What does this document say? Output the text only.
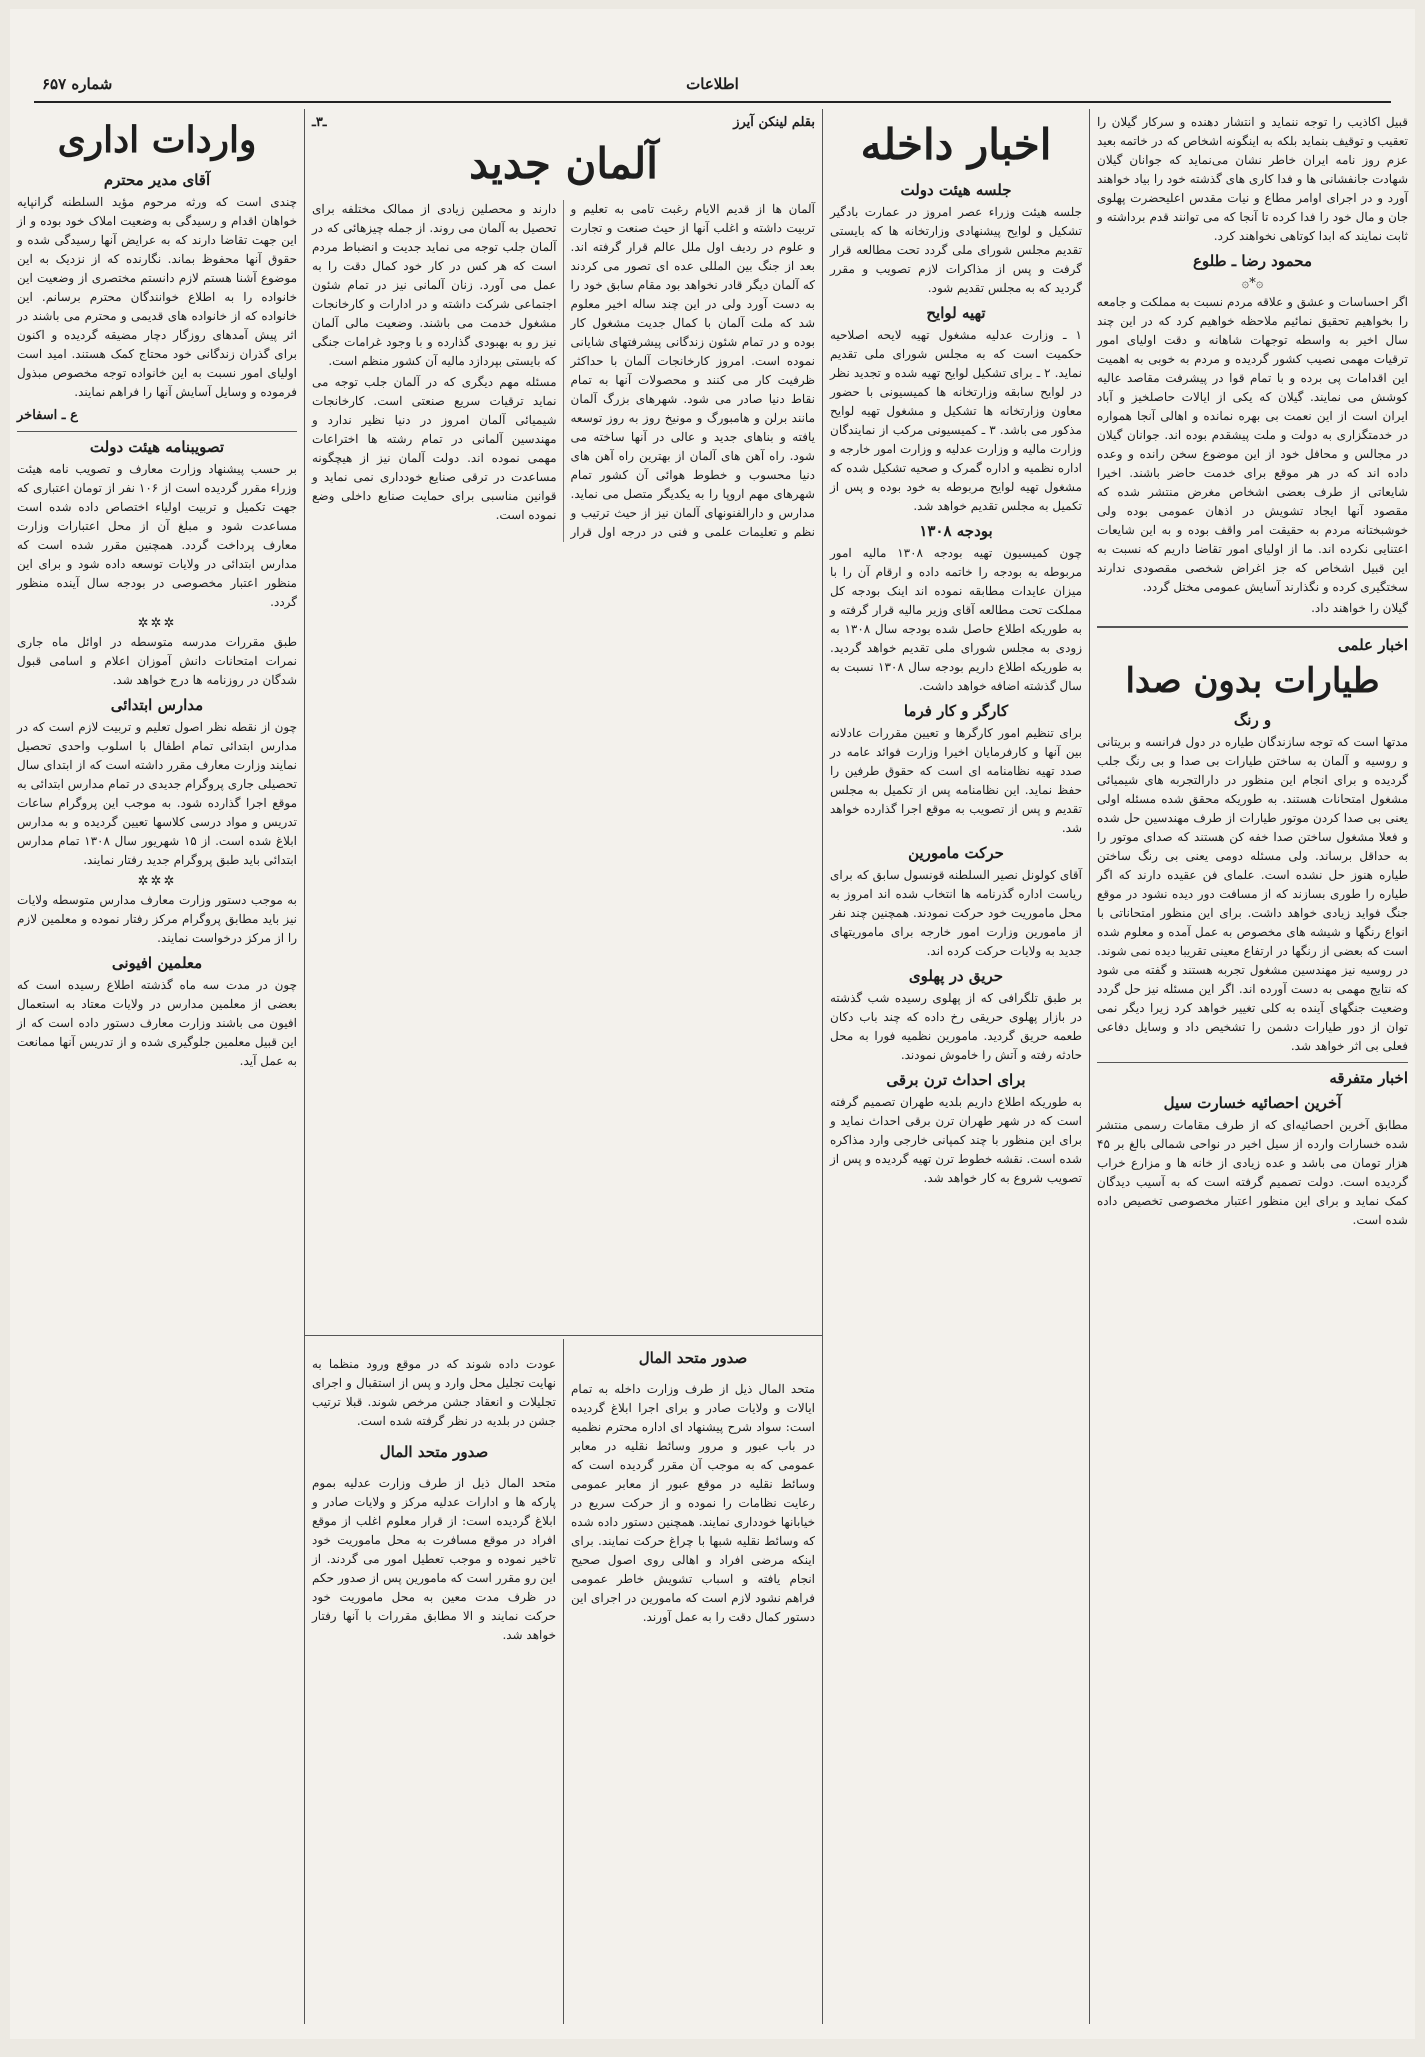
اطلاعات
شماره ۶۵۷

قبیل اکاذیب را توجه ننماید و انتشار دهنده و سرکار گیلان را تعقیب و توقیف بنماید بلکه به اینگونه اشخاص که در خاتمه بعید عزم روز نامه ایران خاطر نشان می‌نماید که جوانان گیلان شهادت جانفشانی ها و فدا کاری های گذشته خود را بیاد خواهند آورد و در اجرای اوامر مطاع و نیات مقدس اعلیحضرت پهلوی جان و مال خود را فدا کرده تا آنجا که می توانند قدم برداشته و ثابت نمایند که ابدا کوتاهی نخواهند کرد.

محمود رضا ـ طلوع
۞*۞

اگر احساسات و عشق و علاقه مردم نسبت به مملکت و جامعه را بخواهیم تحقیق نمائیم ملاحظه خواهیم کرد که در این چند سال اخیر به واسطه توجهات شاهانه و دقت اولیای امور ترقیات مهمی نصیب کشور گردیده و مردم به خوبی به اهمیت این اقدامات پی برده و با تمام قوا در پیشرفت مقاصد عالیه کوشش می نمایند. گیلان که یکی از ایالات حاصلخیز و آباد ایران است از این نعمت بی بهره نمانده و اهالی آنجا همواره در خدمتگزاری به دولت و ملت پیشقدم بوده اند. جوانان گیلان در مجالس و محافل خود از این موضوع سخن رانده و وعده داده اند که در هر موقع برای خدمت حاضر باشند. اخیرا شایعاتی از طرف بعضی اشخاص مغرض منتشر شده که مقصود آنها ایجاد تشویش در اذهان عمومی بوده ولی خوشبختانه مردم به حقیقت امر واقف بوده و به این شایعات اعتنایی نکرده اند. ما از اولیای امور تقاضا داریم که نسبت به این قبیل اشخاص که جز اغراض شخصی مقصودی ندارند سختگیری کرده و نگذارند آسایش عمومی مختل گردد.

گیلان را خواهند داد.

اخبار علمی
طیارات بدون صدا
و رنگ

مدتها است که توجه سازندگان طیاره در دول فرانسه و بریتانی و روسیه و آلمان به ساختن طیارات بی صدا و بی رنگ جلب گردیده و برای انجام این منظور در دارالتجربه های شیمیائی مشغول امتحانات هستند. به طوریکه محقق شده مسئله اولی یعنی بی صدا کردن موتور طیارات از طرف مهندسین حل شده و فعلا مشغول ساختن صدا خفه کن هستند که صدای موتور را به حداقل برساند. ولی مسئله دومی یعنی بی رنگ ساختن طیاره هنوز حل نشده است. علمای فن عقیده دارند که اگر طیاره را طوری بسازند که از مسافت دور دیده نشود در موقع جنگ فواید زیادی خواهد داشت. برای این منظور امتحاناتی با انواع رنگها و شیشه های مخصوص به عمل آمده و معلوم شده است که بعضی از رنگها در ارتفاع معینی تقریبا دیده نمی شوند. در روسیه نیز مهندسین مشغول تجربه هستند و گفته می شود که نتایج مهمی به دست آورده اند. اگر این مسئله نیز حل گردد وضعیت جنگهای آینده به کلی تغییر خواهد کرد زیرا دیگر نمی توان از دور طیارات دشمن را تشخیص داد و وسایل دفاعی فعلی بی اثر خواهد شد.

اخبار متفرقه
آخرین احصائیه خسارت سیل

مطابق آخرین احصائیه‌ای که از طرف مقامات رسمی منتشر شده خسارات وارده از سیل اخیر در نواحی شمالی بالغ بر ۴۵ هزار تومان می باشد و عده زیادی از خانه ها و مزارع خراب گردیده است. دولت تصمیم گرفته است که به آسیب دیدگان کمک نماید و برای این منظور اعتبار مخصوصی تخصیص داده شده است.

اخبار داخله
جلسه هیئت دولت

جلسه هیئت وزراء عصر امروز در عمارت بادگیر تشکیل و لوایح پیشنهادی وزارتخانه ها که بایستی تقدیم مجلس شورای ملی گردد تحت مطالعه قرار گرفت و پس از مذاکرات لازم تصویب و مقرر گردید که به مجلس تقدیم شود.

تهیه لوایح

۱ ـ وزارت عدلیه مشغول تهیه لایحه اصلاحیه حکمیت است که به مجلس شورای ملی تقدیم نماید. ۲ ـ برای تشکیل لوایح تهیه شده و تجدید نظر در لوایح سابقه وزارتخانه ها کمیسیونی با حضور معاون وزارتخانه ها تشکیل و مشغول تهیه لوایح مذکور می باشد. ۳ ـ کمیسیونی مرکب از نمایندگان وزارت مالیه و وزارت عدلیه و وزارت امور خارجه و اداره نظمیه و اداره گمرک و صحیه تشکیل شده که مشغول تهیه لوایح مربوطه به خود بوده و پس از تکمیل به مجلس تقدیم خواهد شد.

بودجه ۱۳۰۸

چون کمیسیون تهیه بودجه ۱۳۰۸ مالیه امور مربوطه به بودجه را خاتمه داده و ارقام آن را با میزان عایدات مطابقه نموده اند اینک بودجه کل مملکت تحت مطالعه آقای وزیر مالیه قرار گرفته و به طوریکه اطلاع حاصل شده بودجه سال ۱۳۰۸ به زودی به مجلس شورای ملی تقدیم خواهد گردید. به طوریکه اطلاع داریم بودجه سال ۱۳۰۸ نسبت به سال گذشته اضافه خواهد داشت.

کارگر و کار فرما

برای تنظیم امور کارگرها و تعیین مقررات عادلانه بین آنها و کارفرمایان اخیرا وزارت فوائد عامه در صدد تهیه نظامنامه ای است که حقوق طرفین را حفظ نماید. این نظامنامه پس از تکمیل به مجلس تقدیم و پس از تصویب به موقع اجرا گذارده خواهد شد.

حرکت مامورین

آقای کولونل نصیر السلطنه قونسول سابق که برای ریاست اداره گذرنامه ها انتخاب شده اند امروز به محل ماموریت خود حرکت نمودند. همچنین چند نفر از مامورین وزارت امور خارجه برای ماموریتهای جدید به ولایات حرکت کرده اند.

حریق در پهلوی

بر طبق تلگرافی که از پهلوی رسیده شب گذشته در بازار پهلوی حریقی رخ داده که چند باب دکان طعمه حریق گردید. مامورین نظمیه فورا به محل حادثه رفته و آتش را خاموش نمودند.

برای احداث ترن برقی

به طوریکه اطلاع داریم بلدیه طهران تصمیم گرفته است که در شهر طهران ترن برقی احداث نماید و برای این منظور با چند کمپانی خارجی وارد مذاکره شده است. نقشه خطوط ترن تهیه گردیده و پس از تصویب شروع به کار خواهد شد.

بقلم لینکن آیرز
ـ۳ـ
آلمان جدید

آلمان ها از قدیم الایام رغبت تامی به تعلیم و تربیت داشته و اغلب آنها از حیث صنعت و تجارت و علوم در ردیف اول ملل عالم قرار گرفته اند. بعد از جنگ بین المللی عده ای تصور می کردند که آلمان دیگر قادر نخواهد بود مقام سابق خود را به دست آورد ولی در این چند ساله اخیر معلوم شد که ملت آلمان با کمال جدیت مشغول کار بوده و در تمام شئون زندگانی پیشرفتهای شایانی نموده است. امروز کارخانجات آلمان با حداکثر ظرفیت کار می کنند و محصولات آنها به تمام نقاط دنیا صادر می شود. شهرهای بزرگ آلمان مانند برلن و هامبورگ و مونیخ روز به روز توسعه یافته و بناهای جدید و عالی در آنها ساخته می شود. راه آهن های آلمان از بهترین راه آهن های دنیا محسوب و خطوط هوائی آن کشور تمام شهرهای مهم اروپا را به یکدیگر متصل می نماید. مدارس و دارالفنونهای آلمان نیز از حیث ترتیب و نظم و تعلیمات علمی و فنی در درجه اول قرار دارند و محصلین زیادی از ممالک مختلفه برای تحصیل به آلمان می روند. از جمله چیزهائی که در آلمان جلب توجه می نماید جدیت و انضباط مردم است که هر کس در کار خود کمال دقت را به عمل می آورد. زنان آلمانی نیز در تمام شئون اجتماعی شرکت داشته و در ادارات و کارخانجات مشغول خدمت می باشند. وضعیت مالی آلمان نیز رو به بهبودی گذارده و با وجود غرامات جنگی که بایستی بپردازد مالیه آن کشور منظم است.

مسئله مهم دیگری که در آلمان جلب توجه می نماید ترقیات سریع صنعتی است. کارخانجات شیمیائی آلمان امروز در دنیا نظیر ندارد و مهندسین آلمانی در تمام رشته ها اختراعات مهمی نموده اند. دولت آلمان نیز از هیچگونه مساعدت در ترقی صنایع خودداری نمی نماید و قوانین مناسبی برای حمایت صنایع داخلی وضع نموده است.

صدور متحد المال

متحد المال ذیل از طرف وزارت داخله به تمام ایالات و ولایات صادر و برای اجرا ابلاغ گردیده است: سواد شرح پیشنهاد ای اداره محترم نظمیه در باب عبور و مرور وسائط نقلیه در معابر عمومی که به موجب آن مقرر گردیده است که وسائط نقلیه در موقع عبور از معابر عمومی رعایت نظامات را نموده و از حرکت سریع در خیابانها خودداری نمایند. همچنین دستور داده شده که وسائط نقلیه شبها با چراغ حرکت نمایند. برای اینکه مرضی افراد و اهالی روی اصول صحیح انجام یافته و اسباب تشویش خاطر عمومی فراهم نشود لازم است که مامورین در اجرای این دستور کمال دقت را به عمل آورند.

عودت داده شوند که در موقع ورود منظما به نهایت تجلیل محل وارد و پس از استقبال و اجرای تجلیلات و انعقاد جشن مرخص شوند. قبلا ترتیب جشن در بلدیه در نظر گرفته شده است.

صدور متحد المال

متحد المال ذیل از طرف وزارت عدلیه بموم پارکه ها و ادارات عدلیه مرکز و ولایات صادر و ابلاغ گردیده است: از قرار معلوم اغلب از موقع افراد در موقع مسافرت به محل ماموریت خود تاخیر نموده و موجب تعطیل امور می گردند. از این رو مقرر است که مامورین پس از صدور حکم در ظرف مدت معین به محل ماموریت خود حرکت نمایند و الا مطابق مقررات با آنها رفتار خواهد شد.

واردات اداری
آقای مدیر محترم

چندی است که ورثه مرحوم مؤید السلطنه گرانپایه خواهان اقدام و رسیدگی به وضعیت املاک خود بوده و از این جهت تقاضا دارند که به عرایض آنها رسیدگی شده و حقوق آنها محفوظ بماند. نگارنده که از نزدیک به این موضوع آشنا هستم لازم دانستم مختصری از وضعیت این خانواده را به اطلاع خوانندگان محترم برسانم. این خانواده که از خانواده های قدیمی و محترم می باشند در اثر پیش آمدهای روزگار دچار مضیقه گردیده و اکنون برای گذران زندگانی خود محتاج کمک هستند. امید است اولیای امور نسبت به این خانواده توجه مخصوص مبذول فرموده و وسایل آسایش آنها را فراهم نمایند.

ع ـ اسفاخر
تصویبنامه هیئت دولت

بر حسب پیشنهاد وزارت معارف و تصویب نامه هیئت وزراء مقرر گردیده است از ۱۰۶ نفر از تومان اعتباری که جهت تکمیل و تربیت اولیاء اختصاص داده شده است مساعدت شود و مبلغ آن از محل اعتبارات وزارت معارف پرداخت گردد. همچنین مقرر شده است که مدارس ابتدائی در ولایات توسعه داده شود و برای این منظور اعتبار مخصوصی در بودجه سال آینده منظور گردد.

✲✲✲

طبق مقررات مدرسه متوسطه در اوائل ماه جاری نمرات امتحانات دانش آموزان اعلام و اسامی قبول شدگان در روزنامه ها درج خواهد شد.

مدارس ابتدائی

چون از نقطه نظر اصول تعلیم و تربیت لازم است که در مدارس ابتدائی تمام اطفال با اسلوب واحدی تحصیل نمایند وزارت معارف مقرر داشته است که از ابتدای سال تحصیلی جاری پروگرام جدیدی در تمام مدارس ابتدائی به موقع اجرا گذارده شود. به موجب این پروگرام ساعات تدریس و مواد درسی کلاسها تعیین گردیده و به مدارس ابلاغ شده است. از ۱۵ شهریور سال ۱۳۰۸ تمام مدارس ابتدائی باید طبق پروگرام جدید رفتار نمایند.

✲✲✲

به موجب دستور وزارت معارف مدارس متوسطه ولایات نیز باید مطابق پروگرام مرکز رفتار نموده و معلمین لازم را از مرکز درخواست نمایند.

معلمین افیونی

چون در مدت سه ماه گذشته اطلاع رسیده است که بعضی از معلمین مدارس در ولایات معتاد به استعمال افیون می باشند وزارت معارف دستور داده است که از این قبیل معلمین جلوگیری شده و از تدریس آنها ممانعت به عمل آید.
